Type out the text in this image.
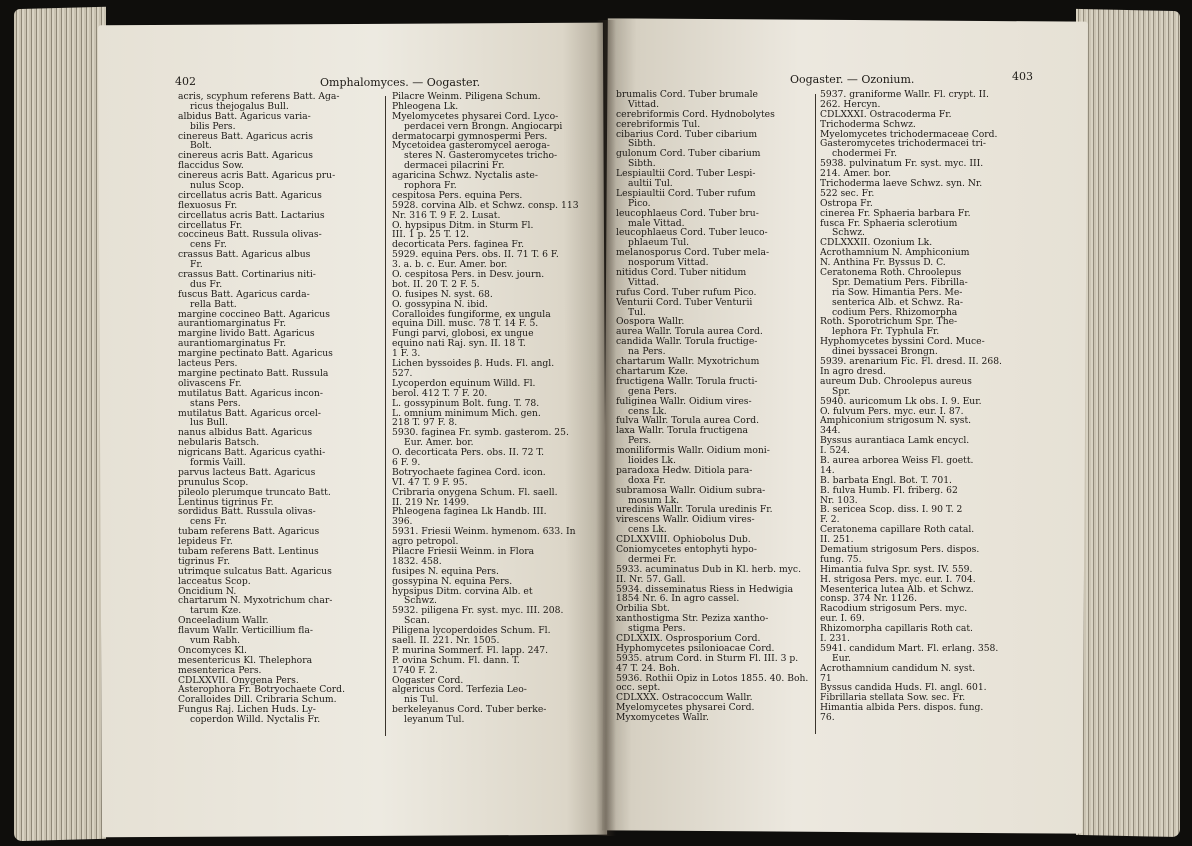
402	Omphalomyces. — Oogaster.	Oogaster. — Ozonium.	403
acris, scyphum referens Batt. Aga-
ricus thejogalus Bull.
albidus Batt. Agaricus varia-
bilis Pers.
cinereus Batt. Agaricus acris
Bolt.
cinereus acris Batt. Agaricus
flaccidus Sow.
cinereus acris Batt. Agaricus pru-
nulus Scop.
circellatus acris Batt. Agaricus
flexuosus Fr.
circellatus acris Batt. Lactarius
circellatus Fr.
coccineus Batt. Russula olivas-
cens Fr.
crassus Batt. Agaricus albus
Fr.
crassus Batt. Cortinarius niti-
dus Fr.
fuscus Batt. Agaricus carda-
rella Batt.
margine coccineo Batt. Agaricus
aurantiomarginatus Fr.
margine livido Batt. Agaricus
aurantiomarginatus Fr.
margine pectinato Batt. Agaricus
lacteus Pers.
margine pectinato Batt. Russula
olivascens Fr.
mutilatus Batt. Agaricus incon-
stans Pers.
mutilatus Batt. Agaricus orcel-
lus Bull.
nanus albidus Batt. Agaricus
nebularis Batsch.
nigricans Batt. Agaricus cyathi-
formis Vaill.
parvus lacteus Batt. Agaricus
prunulus Scop.
pileolo plerumque truncato Batt.
Lentinus tigrinus Fr.
sordidus Batt. Russula olivas-
cens Fr.
tubam referens Batt. Agaricus
lepideus Fr.
tubam referens Batt. Lentinus
tigrinus Fr.
utrimque sulcatus Batt. Agaricus
lacceatus Scop.
Oncidium N.
chartarum N. Myxotrichum char-
tarum Kze.
Onceeladium Wallr.
flavum Wallr. Verticillium fla-
vum Rabh.
Oncomyces Kl.
mesentericus Kl. Thelephora
mesenterica Pers.
CDLXXVII. Onygena Pers.
Asterophora Fr. Botryochaete Cord.
Coralloides Dill. Cribraria Schum.
Fungus Raj. Lichen Huds. Ly-
coperdon Willd. Nyctalis Fr.
Pilacre Weinm. Piligena Schum.
Phleogena Lk.
Myelomycetes physarei Cord. Lyco-
perdacei vern Brongn. Angiocarpi
dermatocarpi gymnospermi Pers.
Mycetoidea gasteromycel aeroga-
steres N. Gasteromycetes tricho-
dermacei pilacrini Fr.
agaricina Schwz. Nyctalis aste-
rophora Fr.
cespitosa Pers. equina Pers.
5928. corvina Alb. et Schwz. consp. 113
Nr. 316 T. 9 F. 2. Lusat.
O. hypsipus Ditm. in Sturm Fl.
III. 1 p. 25 T. 12.
decorticata Pers. faginea Fr.
5929. equina Pers. obs. II. 71 T. 6 F.
3. a. b. c. Eur. Amer. bor.
O. cespitosa Pers. in Desv. journ.
bot. II. 20 T. 2 F. 5.
O. fusipes N. syst. 68.
O. gossypina N. ibid.
Coralloides fungiforme, ex ungula
equina Dill. musc. 78 T. 14 F. 5.
Fungi parvi, globosi, ex ungue
equino nati Raj. syn. II. 18 T.
1 F. 3.
Lichen byssoides β. Huds. Fl. angl.
527.
Lycoperdon equinum Willd. Fl.
berol. 412 T. 7 F. 20.
L. gossypinum Bolt. fung. T. 78.
L. omnium minimum Mich. gen.
218 T. 97 F. 8.
5930. faginea Fr. symb. gasterom. 25.
Eur. Amer. bor.
O. decorticata Pers. obs. II. 72 T.
6 F. 9.
Botryochaete faginea Cord. icon.
VI. 47 T. 9 F. 95.
Cribraria onygena Schum. Fl. saell.
II. 219 Nr. 1499.
Phleogena faginea Lk Handb. III.
396.
5931. Friesii Weinm. hymenom. 633. In
agro petropol.
Pilacre Friesii Weinm. in Flora
1832. 458.
fusipes N. equina Pers.
gossypina N. equina Pers.
hypsipus Ditm. corvina Alb. et
Schwz.
5932. piligena Fr. syst. myc. III. 208.
Scan.
Piligena lycoperdoides Schum. Fl.
saell. II. 221. Nr. 1505.
P. murina Sommerf. Fl. lapp. 247.
P. ovina Schum. Fl. dann. T.
1740 F. 2.
Oogaster Cord.
algericus Cord. Terfezia Leo-
nis Tul.
berkeleyanus Cord. Tuber berke-
leyanum Tul.
brumalis Cord. Tuber brumale
Vittad.
cerebriformis Cord. Hydnobolytes
cerebriformis Tul.
cibarius Cord. Tuber cibarium
Sibth.
gulonum Cord. Tuber cibarium
Sibth.
Lespiaultii Cord. Tuber Lespi-
aultii Tul.
Lespiaultii Cord. Tuber rufum
Pico.
leucophlaeus Cord. Tuber bru-
male Vittad.
leucophlaeus Cord. Tuber leuco-
phlaeum Tul.
melanosporus Cord. Tuber mela-
nosporum Vittad.
nitidus Cord. Tuber nitidum
Vittad.
rufus Cord. Tuber rufum Pico.
Venturii Cord. Tuber Venturii
Tul.
Oospora Wallr.
aurea Wallr. Torula aurea Cord.
candida Wallr. Torula fructige-
na Pers.
chartarum Wallr. Myxotrichum
chartarum Kze.
fructigena Wallr. Torula fructi-
gena Pers.
fuliginea Wallr. Oidium vires-
cens Lk.
fulva Wallr. Torula aurea Cord.
laxa Wallr. Torula fructigena
Pers.
moniliformis Wallr. Oidium moni-
lioides Lk.
paradoxa Hedw. Ditiola para-
doxa Fr.
subramosa Wallr. Oidium subra-
mosum Lk.
uredinis Wallr. Torula uredinis Fr.
virescens Wallr. Oidium vires-
cens Lk.
CDLXXVIII. Ophiobolus Dub.
Coniomycetes entophyti hypo-
dermei Fr.
5933. acuminatus Dub in Kl. herb. myc.
II. Nr. 57. Gall.
5934. disseminatus Riess in Hedwigia
1854 Nr. 6. In agro cassel.
Orbilia Sbt.
xanthostigma Str. Peziza xantho-
stigma Pers.
CDLXXIX. Osprosporium Cord.
Hyphomycetes psilonioacae Cord.
5935. atrum Cord. in Sturm Fl. III. 3 p.
47 T. 24. Boh.
5936. Rothii Opiz in Lotos 1855. 40. Boh.
occ. sept.
CDLXXX. Ostracoccum Wallr.
Myelomycetes physarei Cord.
Myxomycetes Wallr.
5937. graniforme Wallr. Fl. crypt. II.
262. Hercyn.
CDLXXXI. Ostracoderma Fr.
Trichoderma Schwz.
Myelomycetes trichodermaceae Cord.
Gasteromycetes trichodermacei tri-
chodermei Fr.
5938. pulvinatum Fr. syst. myc. III.
214. Amer. bor.
Trichoderma laeve Schwz. syn. Nr.
522 sec. Fr.
Ostropa Fr.
cinerea Fr. Sphaeria barbara Fr.
fusca Fr. Sphaeria sclerotium
Schwz.
CDLXXXII. Ozonium Lk.
Acrothamnium N. Amphiconium
N. Anthina Fr. Byssus D. C.
Ceratonema Roth. Chroolepus
Spr. Dematium Pers. Fibrilla-
ria Sow. Himantia Pers. Me-
senterica Alb. et Schwz. Ra-
codium Pers. Rhizomorpha
Roth. Sporotrichum Spr. The-
lephora Fr. Typhula Fr.
Hyphomycetes byssini Cord. Muce-
dinei byssacei Brongn.
5939. arenarium Fic. Fl. dresd. II. 268.
In agro dresd.
aureum Dub. Chroolepus aureus
Spr.
5940. auricomum Lk obs. I. 9. Eur.
O. fulvum Pers. myc. eur. I. 87.
Amphiconium strigosum N. syst.
344.
Byssus aurantiaca Lamk encycl.
I. 524.
B. aurea arborea Weiss Fl. goett.
14.
B. barbata Engl. Bot. T. 701.
B. fulva Humb. Fl. friberg. 62
Nr. 103.
B. sericea Scop. diss. I. 90 T. 2
F. 2.
Ceratonema capillare Roth catal.
II. 251.
Dematium strigosum Pers. dispos.
fung. 75.
Himantia fulva Spr. syst. IV. 559.
H. strigosa Pers. myc. eur. I. 704.
Mesenterica lutea Alb. et Schwz.
consp. 374 Nr. 1126.
Racodium strigosum Pers. myc.
eur. I. 69.
Rhizomorpha capillaris Roth cat.
I. 231.
5941. candidum Mart. Fl. erlang. 358.
Eur.
Acrothamnium candidum N. syst.
71
Byssus candida Huds. Fl. angl. 601.
Fibrillaria stellata Sow. sec. Fr.
Himantia albida Pers. dispos. fung.
76.
